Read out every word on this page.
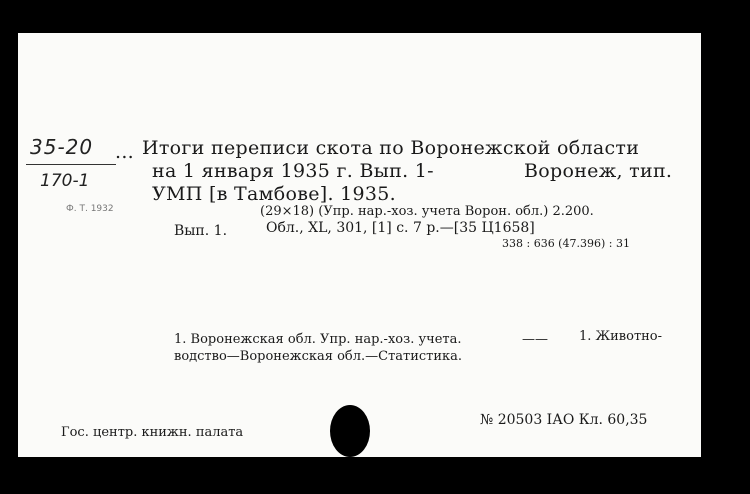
35-20
170-1
Ф. Т. 1932
... Итоги переписи скота по Воронежской области
на 1 января 1935 г. Вып. 1-	Воронеж, тип.
УМП [в Тамбове]. 1935.
(29×18) (Упр. нар.-хоз. учета Ворон. обл.) 2.200.
Вып. 1.	Обл., XL, 301, [1] с. 7 р.—[35 Ц1658]
338 : 636 (47.396) : 31
1. Воронежская обл. Упр. нар.-хоз. учета.	—— 1. Животно-
водство—Воронежская обл.—Статистика.
Гос. центр. книжн. палата
№ 20503 IАО Кл. 60,35
